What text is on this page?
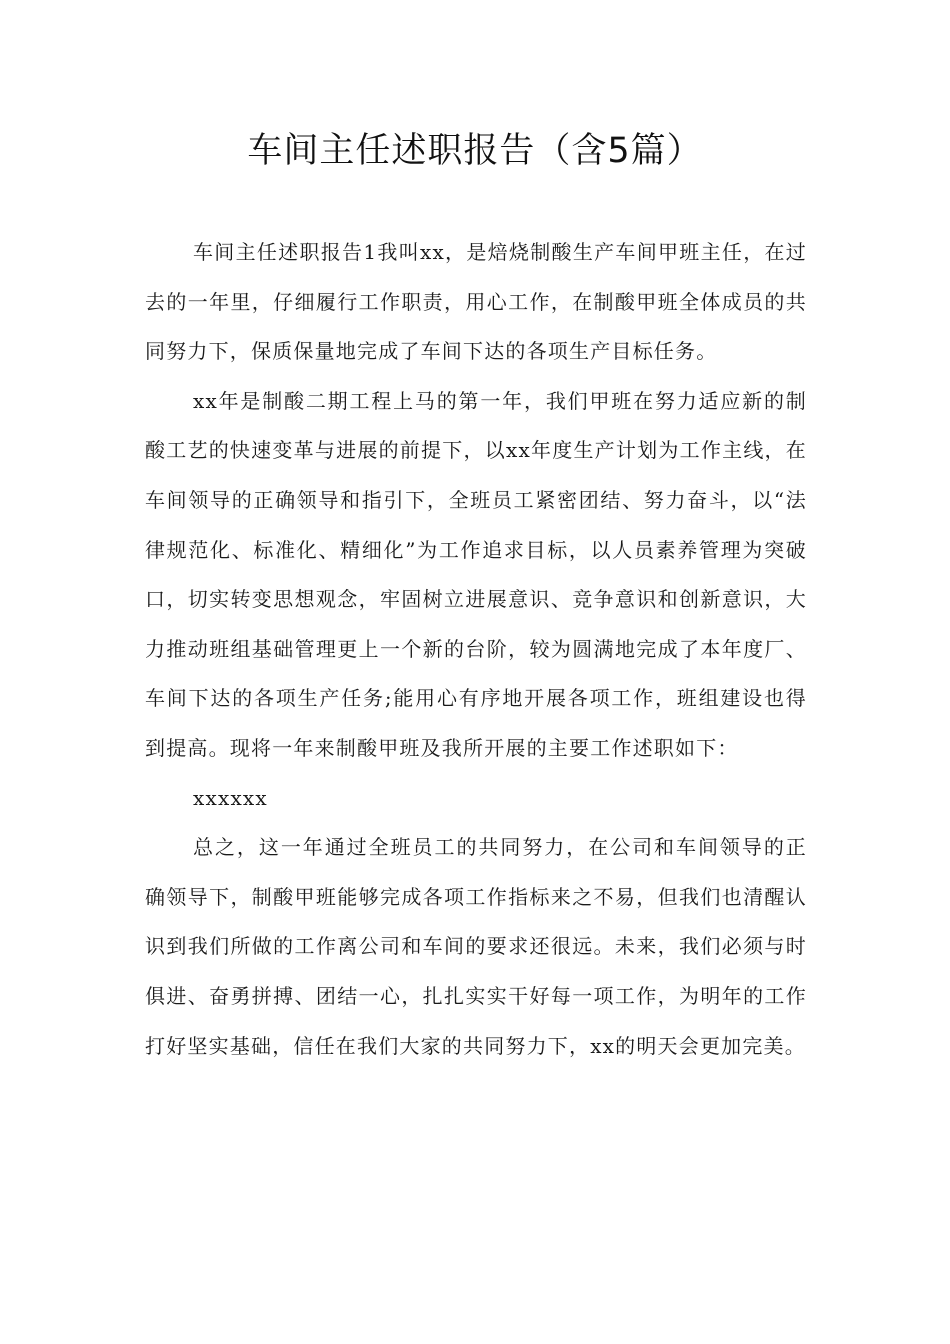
车间主任述职报告（含5篇）

车间主任述职报告1我叫xx，是焙烧制酸生产车间甲班主任，在过去的一年里，仔细履行工作职责，用心工作，在制酸甲班全体成员的共同努力下，保质保量地完成了车间下达的各项生产目标任务。

xx年是制酸二期工程上马的第一年，我们甲班在努力适应新的制酸工艺的快速变革与进展的前提下，以xx年度生产计划为工作主线，在车间领导的正确领导和指引下，全班员工紧密团结、努力奋斗，以“法律规范化、标准化、精细化”为工作追求目标，以人员素养管理为突破口，切实转变思想观念，牢固树立进展意识、竞争意识和创新意识，大力推动班组基础管理更上一个新的台阶，较为圆满地完成了本年度厂、车间下达的各项生产任务;能用心有序地开展各项工作，班组建设也得到提高。现将一年来制酸甲班及我所开展的主要工作述职如下：

xxxxxx

总之，这一年通过全班员工的共同努力，在公司和车间领导的正确领导下，制酸甲班能够完成各项工作指标来之不易，但我们也清醒认识到我们所做的工作离公司和车间的要求还很远。未来，我们必须与时俱进、奋勇拼搏、团结一心，扎扎实实干好每一项工作，为明年的工作打好坚实基础，信任在我们大家的共同努力下，xx的明天会更加完美。
